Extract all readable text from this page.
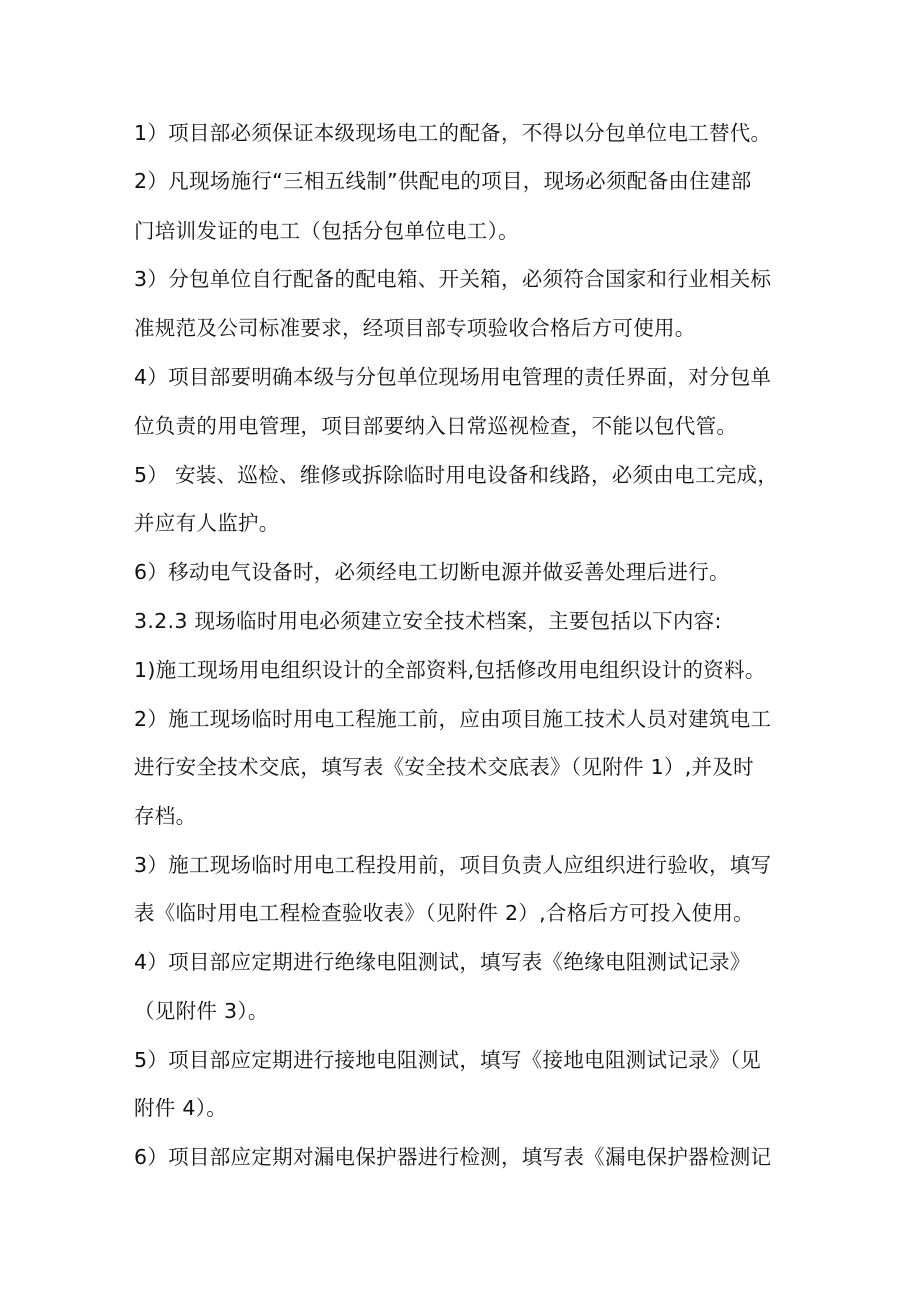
1）项目部必须保证本级现场电工的配备，不得以分包单位电工替代。
2）凡现场施行“三相五线制”供配电的项目，现场必须配备由住建部
门培训发证的电工（包括分包单位电工）。
3）分包单位自行配备的配电箱、开关箱，必须符合国家和行业相关标
准规范及公司标准要求，经项目部专项验收合格后方可使用。
4）项目部要明确本级与分包单位现场用电管理的责任界面，对分包单
位负责的用电管理，项目部要纳入日常巡视检查，不能以包代管。
5） 安装、巡检、维修或拆除临时用电设备和线路，必须由电工完成，
并应有人监护。
6）移动电气设备时，必须经电工切断电源并做妥善处理后进行。
3.2.3 现场临时用电必须建立安全技术档案，主要包括以下内容:
1)施工现场用电组织设计的全部资料,包括修改用电组织设计的资料。
2）施工现场临时用电工程施工前，应由项目施工技术人员对建筑电工
进行安全技术交底，填写表《安全技术交底表》（见附件 1）,并及时
存档。
3）施工现场临时用电工程投用前，项目负责人应组织进行验收，填写
表《临时用电工程检查验收表》（见附件 2）,合格后方可投入使用。
4）项目部应定期进行绝缘电阻测试，填写表《绝缘电阻测试记录》
（见附件 3）。
5）项目部应定期进行接地电阻测试，填写《接地电阻测试记录》（见
附件 4）。
6）项目部应定期对漏电保护器进行检测，填写表《漏电保护器检测记
